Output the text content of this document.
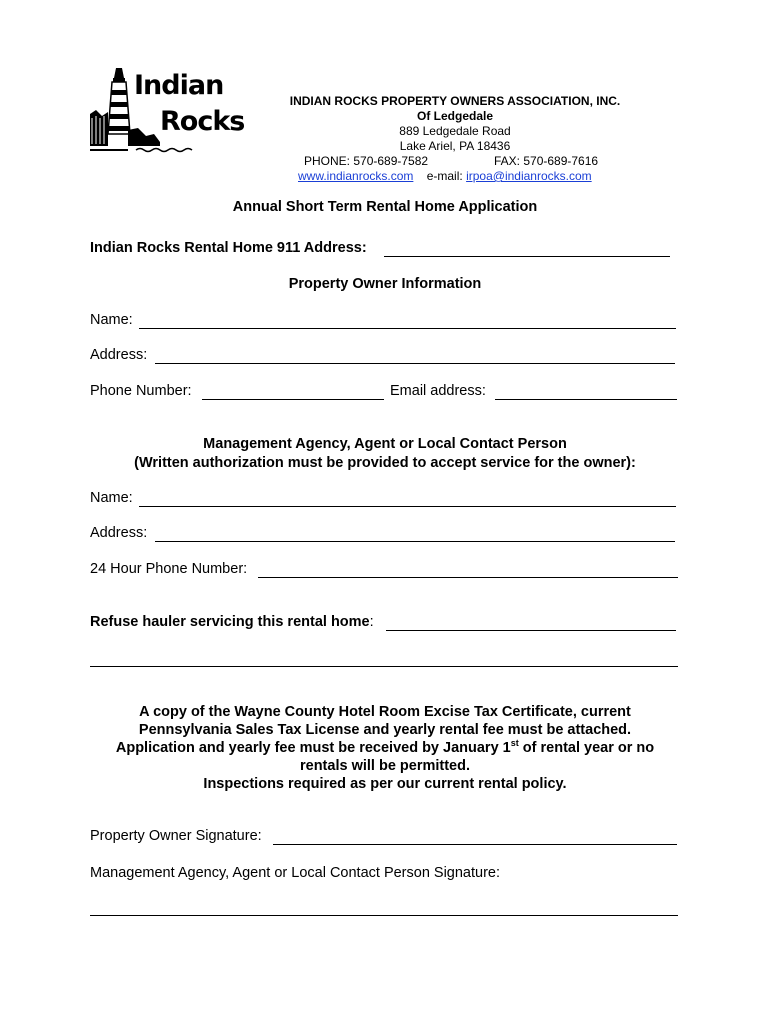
Indian
Rocks
INDIAN ROCKS PROPERTY OWNERS ASSOCIATION, INC.
Of Ledgedale
889 Ledgedale Road
Lake Ariel, PA 18436
PHONE: 570-689-7582	FAX: 570-689-7616
www.indianrocks.com e-mail: irpoa@indianrocks.com
Annual Short Term Rental Home Application
Indian Rocks Rental Home 911 Address:
Property Owner Information
Name:
Address:
Phone Number:	Email address:
Management Agency, Agent or Local Contact Person
(Written authorization must be provided to accept service for the owner):
Name:
Address:
24 Hour Phone Number:
Refuse hauler servicing this rental home:
A copy of the Wayne County Hotel Room Excise Tax Certificate, current
Pennsylvania Sales Tax License and yearly rental fee must be attached.
Application and yearly fee must be received by January 1st of rental year or no
rentals will be permitted.
Inspections required as per our current rental policy.
Property Owner Signature:
Management Agency, Agent or Local Contact Person Signature:
